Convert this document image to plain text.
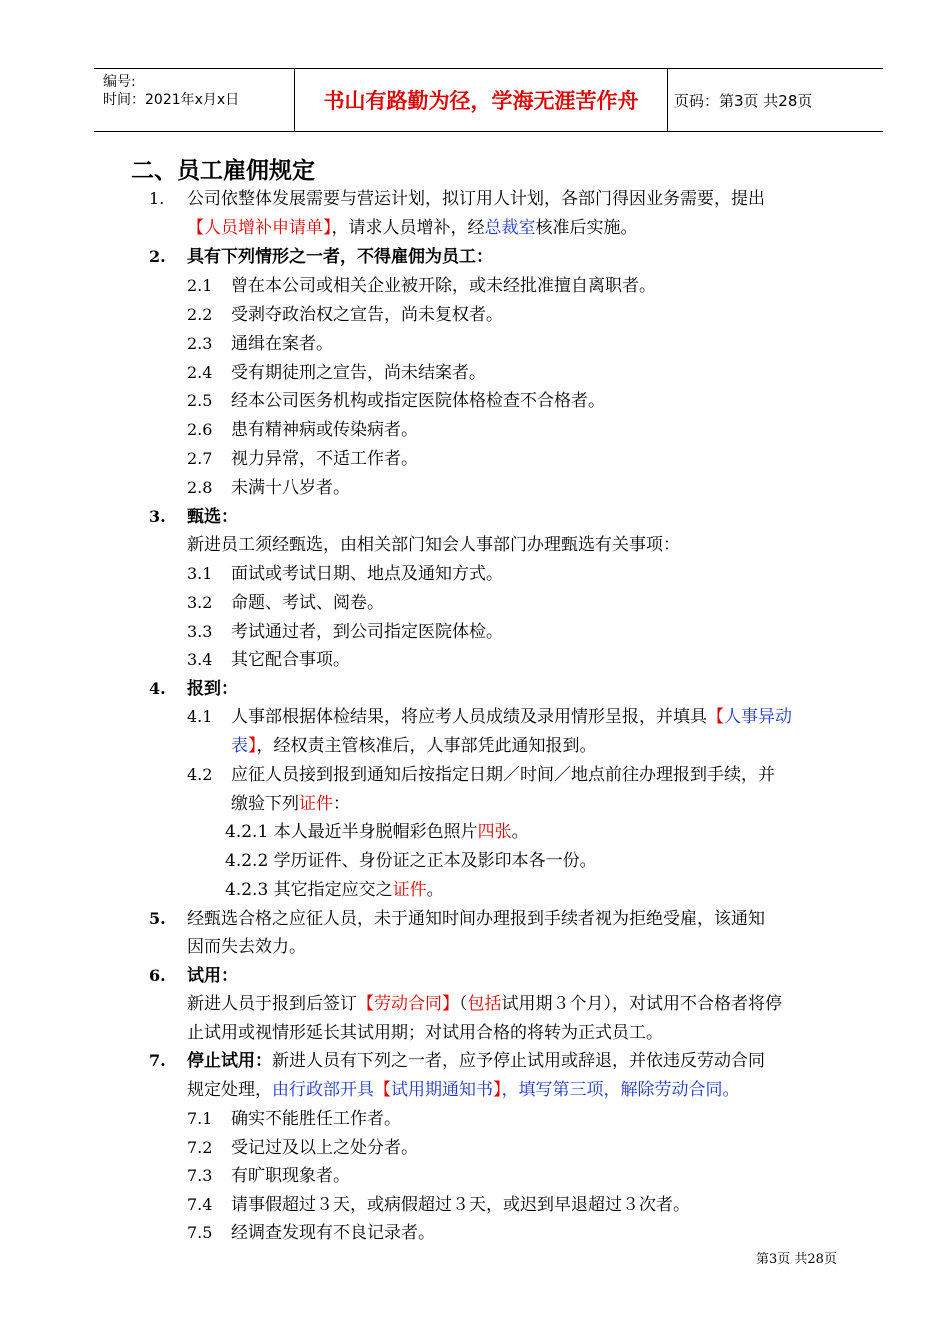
编号:
时间：2021年x月x日	书山有路勤为径，学海无涯苦作舟	页码：第3页 共28页
二、员工雇佣规定
1. 公司依整体发展需要与营运计划，拟订用人计划，各部门得因业务需要，提出
【人员增补申请单】，请求人员增补，经总裁室核准后实施。
2. 具有下列情形之一者，不得雇佣为员工：
2.1 曾在本公司或相关企业被开除，或未经批准擅自离职者。
2.2 受剥夺政治权之宣告，尚未复权者。
2.3 通缉在案者。
2.4 受有期徒刑之宣告，尚未结案者。
2.5 经本公司医务机构或指定医院体格检查不合格者。
2.6 患有精神病或传染病者。
2.7 视力异常，不适工作者。
2.8 未满十八岁者。
3. 甄选：
新进员工须经甄选，由相关部门知会人事部门办理甄选有关事项：
3.1 面试或考试日期、地点及通知方式。
3.2 命题、考试、阅卷。
3.3 考试通过者，到公司指定医院体检。
3.4 其它配合事项。
4. 报到：
4.1 人事部根据体检结果，将应考人员成绩及录用情形呈报，并填具【人事异动
表】，经权责主管核准后，人事部凭此通知报到。
4.2 应征人员接到报到通知后按指定日期／时间／地点前往办理报到手续，并
缴验下列证件：
4.2.1 本人最近半身脱帽彩色照片四张。
4.2.2 学历证件、身份证之正本及影印本各一份。
4.2.3 其它指定应交之证件。
5. 经甄选合格之应征人员，未于通知时间办理报到手续者视为拒绝受雇，该通知
因而失去效力。
6. 试用：
新进人员于报到后签订【劳动合同】（包括试用期３个月），对试用不合格者将停
止试用或视情形延长其试用期；对试用合格的将转为正式员工。
7. 停止试用：新进人员有下列之一者，应予停止试用或辞退，并依违反劳动合同
规定处理，由行政部开具【试用期通知书】，填写第三项，解除劳动合同。
7.1 确实不能胜任工作者。
7.2 受记过及以上之处分者。
7.3 有旷职现象者。
7.4 请事假超过３天，或病假超过３天，或迟到早退超过３次者。
7.5 经调查发现有不良记录者。
第3页 共28页
